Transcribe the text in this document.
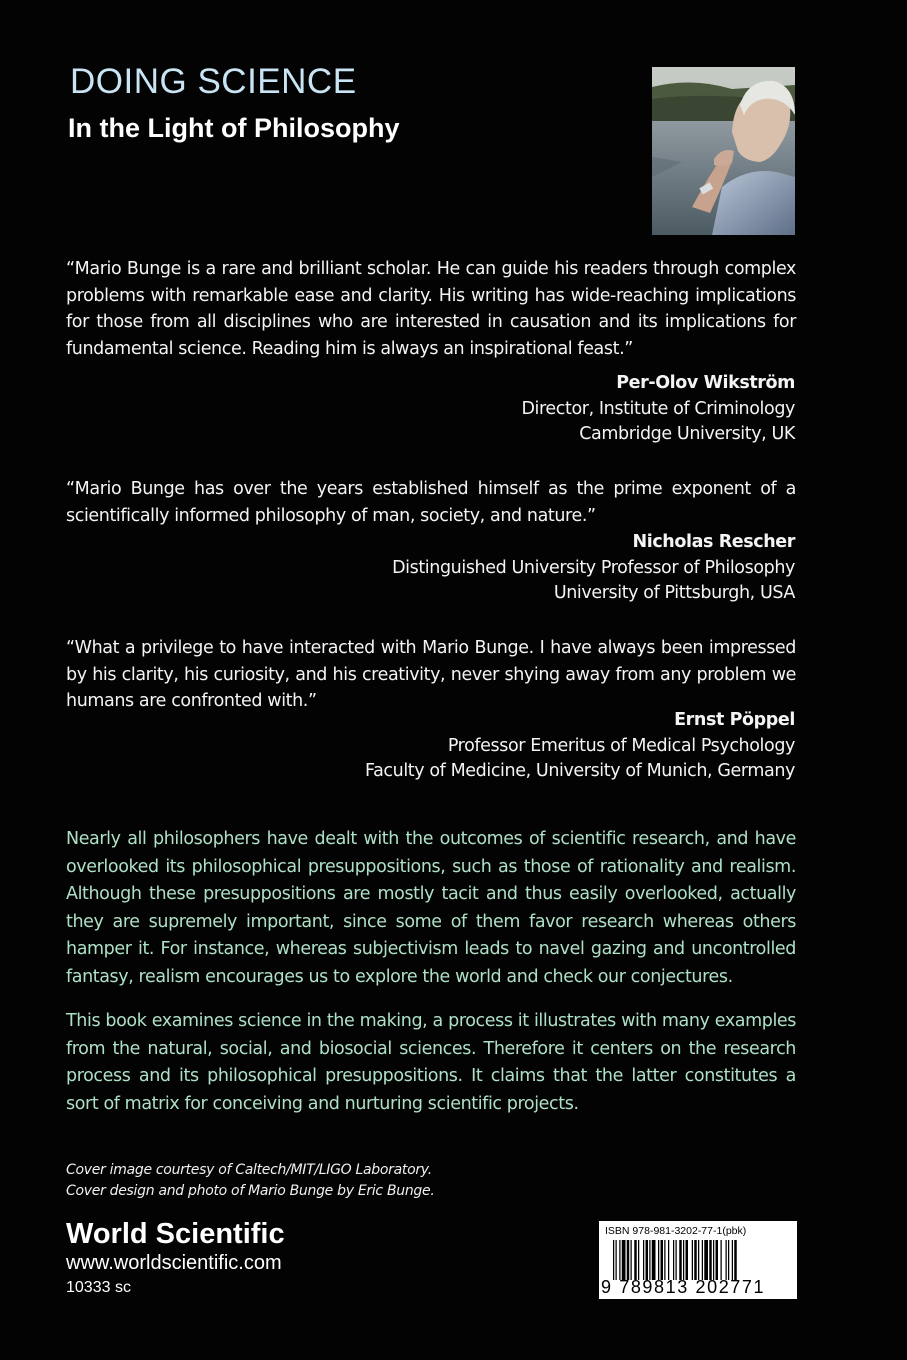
DOING SCIENCE
In the Light of Philosophy

“Mario Bunge is a rare and brilliant scholar. He can guide his readers through complex problems with remarkable ease and clarity. His writing has wide-reaching implications for those from all disciplines who are interested in causation and its implications for fundamental science. Reading him is always an inspirational feast.”

Per-Olov Wikström
Director, Institute of Criminology
Cambridge University, UK

“Mario Bunge has over the years established himself as the prime exponent of a scientifically informed philosophy of man, society, and nature.”

Nicholas Rescher
Distinguished University Professor of Philosophy
University of Pittsburgh, USA

“What a privilege to have interacted with Mario Bunge. I have always been impressed by his clarity, his curiosity, and his creativity, never shying away from any problem we humans are confronted with.”

Ernst Pöppel
Professor Emeritus of Medical Psychology
Faculty of Medicine, University of Munich, Germany

Nearly all philosophers have dealt with the outcomes of scientific research, and have overlooked its philosophical presuppositions, such as those of rationality and realism. Although these presuppositions are mostly tacit and thus easily overlooked, actually they are supremely important, since some of them favor research whereas others hamper it. For instance, whereas subjectivism leads to navel gazing and uncontrolled fantasy, realism encourages us to explore the world and check our conjectures.

This book examines science in the making, a process it illustrates with many examples from the natural, social, and biosocial sciences. Therefore it centers on the research process and its philosophical presuppositions. It claims that the latter constitutes a sort of matrix for conceiving and nurturing scientific projects.

Cover image courtesy of Caltech/MIT/LIGO Laboratory.
Cover design and photo of Mario Bunge by Eric Bunge.
World Scientific
www.worldscientific.com
10333 sc
ISBN 978-981-3202-77-1(pbk)
9 789813 202771
